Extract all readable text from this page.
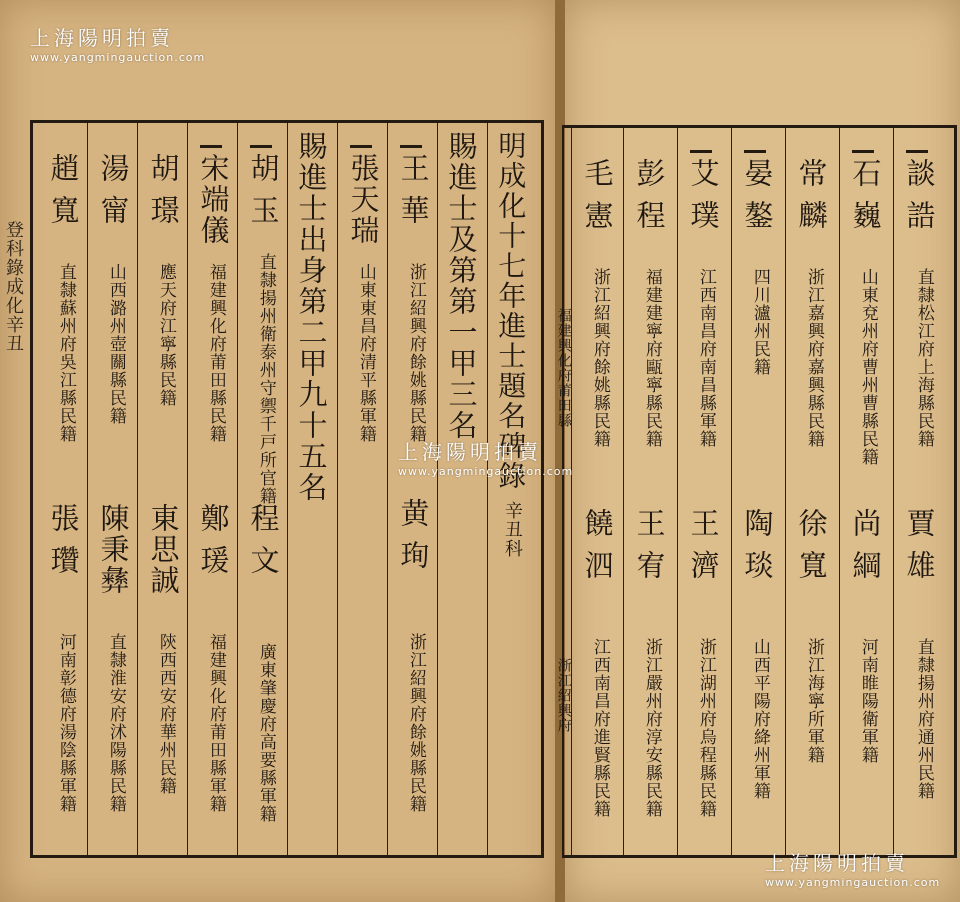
登科錄成化辛丑	明成化十七年進士題名碑錄
辛丑科
賜進士及第第一甲三名
王 華
浙江紹興府餘姚縣民籍
黄 珣
浙江紹興府餘姚縣民籍
張天瑞
山東東昌府清平縣軍籍
賜進士出身第二甲九十五名
胡 玉
直隸揚州衛泰州守禦千戸所官籍
程 文
廣東肇慶府高要縣軍籍
宋端儀
福建興化府莆田縣民籍
鄭 瑗
福建興化府莆田縣軍籍
胡 璟
應天府江寧縣民籍
東思誠
陝西西安府華州民籍
湯 甯
山西潞州壺關縣民籍
陳秉彝
直隸淮安府沭陽縣民籍
趙 寬
直隸蘇州府吳江縣民籍
張 瓚
河南彰德府湯陰縣軍籍
談 誥
直隸松江府上海縣民籍
賈 雄
直隸揚州府通州民籍
石 巍
山東兗州府曹州曹縣民籍
尚 綱
河南睢陽衛軍籍
常 麟
浙江嘉興府嘉興縣民籍
徐 寬
浙江海寧所軍籍
晏 鏊
四川瀘州民籍
陶 琰
山西平陽府絳州軍籍
艾 璞
江西南昌府南昌縣軍籍
王 濟
浙江湖州府烏程縣民籍
彭 程
福建建寧府甌寧縣民籍
王 宥
浙江嚴州府淳安縣民籍
毛 憲
浙江紹興府餘姚縣民籍
饒 泗
江西南昌府進賢縣民籍
福建興化府莆田縣
浙江紹興府
上海陽明拍賣
www.yangmingauction.com
上海陽明拍賣
www.yangmingauction.com
上海陽明拍賣
www.yangmingauction.com
